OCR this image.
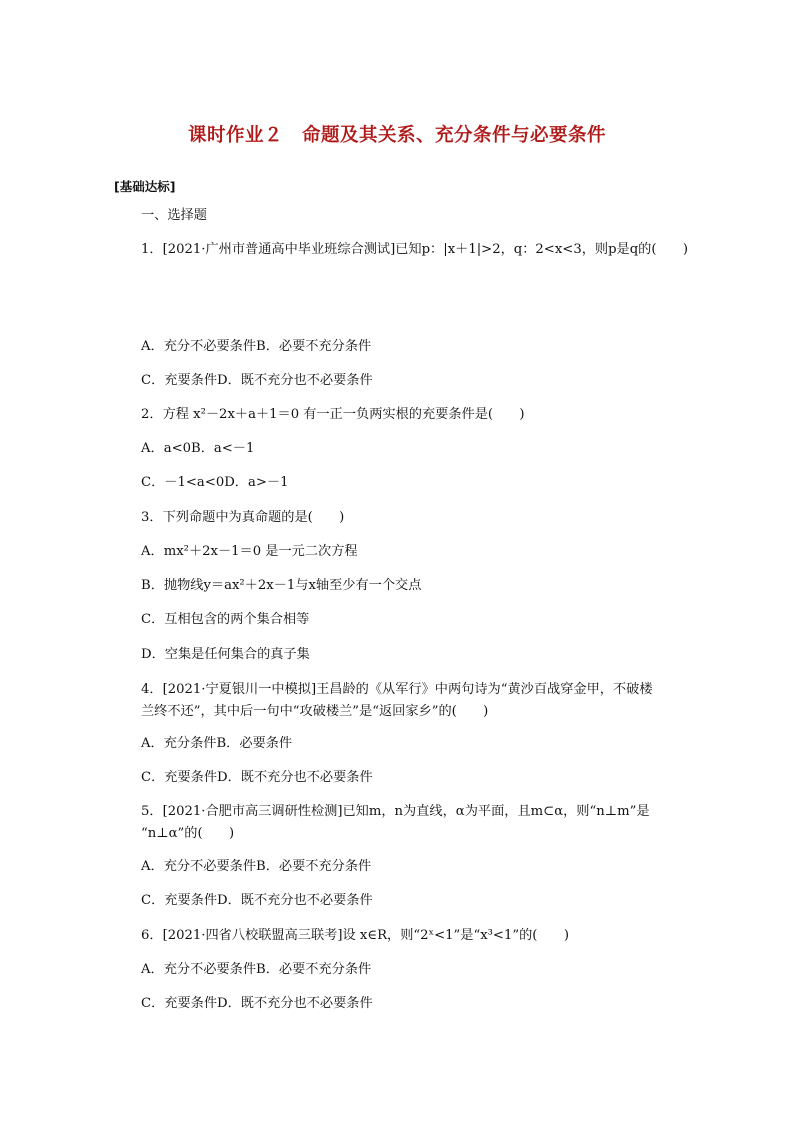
课时作业２　命题及其关系、充分条件与必要条件
[基础达标]
一、选择题
1．[2021·广州市普通高中毕业班综合测试]已知p：|x＋1|>2，q：2<x<3，则p是q的(　　)
A．充分不必要条件B．必要不充分条件
C．充要条件D．既不充分也不必要条件
2．方程 x²－2x＋a＋1＝0 有一正一负两实根的充要条件是(　　)
A．a<0B．a<－1
C．－1<a<0D．a>－1
3．下列命题中为真命题的是(　　)
A．mx²＋2x－1＝0 是一元二次方程
B．抛物线y＝ax²＋2x－1与x轴至少有一个交点
C．互相包含的两个集合相等
D．空集是任何集合的真子集
4．[2021·宁夏银川一中模拟]王昌龄的《从军行》中两句诗为“黄沙百战穿金甲，不破楼
兰终不还”，其中后一句中“攻破楼兰”是“返回家乡”的(　　)
A．充分条件B．必要条件
C．充要条件D．既不充分也不必要条件
5．[2021·合肥市高三调研性检测]已知m，n为直线，α为平面，且m⊂α，则“n⊥m”是
“n⊥α”的(　　)
A．充分不必要条件B．必要不充分条件
C．充要条件D．既不充分也不必要条件
6．[2021·四省八校联盟高三联考]设 x∈R，则“2ˣ<1”是“x³<1”的(　　)
A．充分不必要条件B．必要不充分条件
C．充要条件D．既不充分也不必要条件
